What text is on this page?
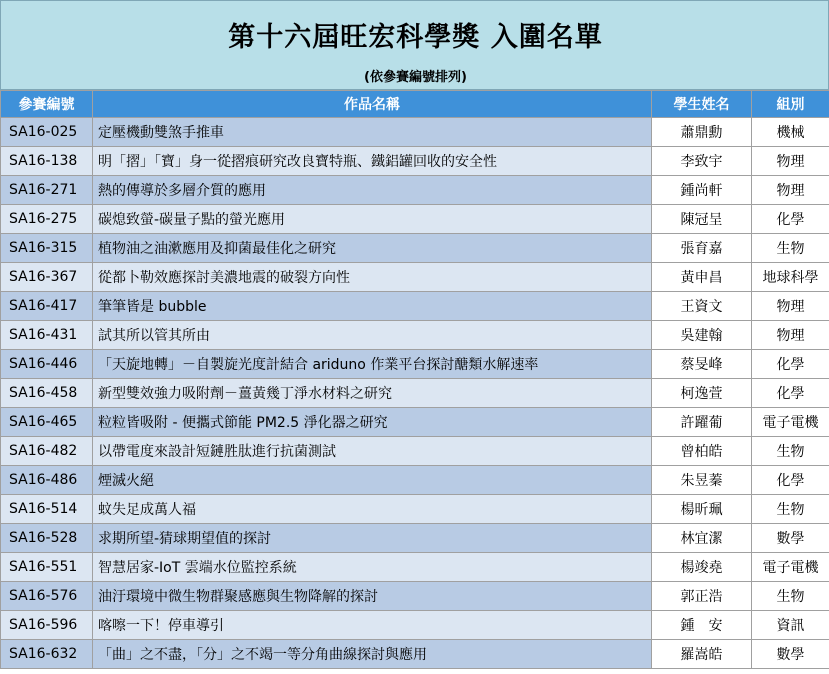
第十六屆旺宏科學獎 入圍名單
(依參賽編號排列)
參賽編號	作品名稱	學生姓名	組別
SA16-025	定壓機動雙煞手推車	蕭鼎勳	機械
SA16-138	明「摺」「寶」身一從摺痕研究改良寶特瓶、鐵鋁罐回收的安全性	李致宇	物理
SA16-271	熱的傳導於多層介質的應用	鍾尚軒	物理
SA16-275	碳熄致螢-碳量子點的螢光應用	陳冠呈	化學
SA16-315	植物油之油漱應用及抑菌最佳化之研究	張育嘉	生物
SA16-367	從都卜勒效應探討美濃地震的破裂方向性	黃申昌	地球科學
SA16-417	筆筆皆是 bubble	王資文	物理
SA16-431	試其所以管其所由	吳建翰	物理
SA16-446	「天旋地轉」－自製旋光度計結合 ariduno 作業平台探討醣類水解速率	蔡旻峰	化學
SA16-458	新型雙效強力吸附劑－薑黃幾丁淨水材料之研究	柯逸萱	化學
SA16-465	粒粒皆吸附 - 便攜式節能 PM2.5 淨化器之研究	許躍葡	電子電機
SA16-482	以帶電度來設計短鏈胜肽進行抗菌測試	曾柏皓	生物
SA16-486	煙滅火絕	朱昱蓁	化學
SA16-514	蚊失足成萬人福	楊昕珮	生物
SA16-528	求期所望-猜球期望值的探討	林宜潔	數學
SA16-551	智慧居家-IoT 雲端水位監控系統	楊竣堯	電子電機
SA16-576	油汙環境中微生物群聚感應與生物降解的探討	郭正浩	生物
SA16-596	喀嚓一下！停車導引	鍾　安	資訊
SA16-632	「曲」之不盡，「分」之不竭一等分角曲線探討與應用	羅嵩皓	數學
